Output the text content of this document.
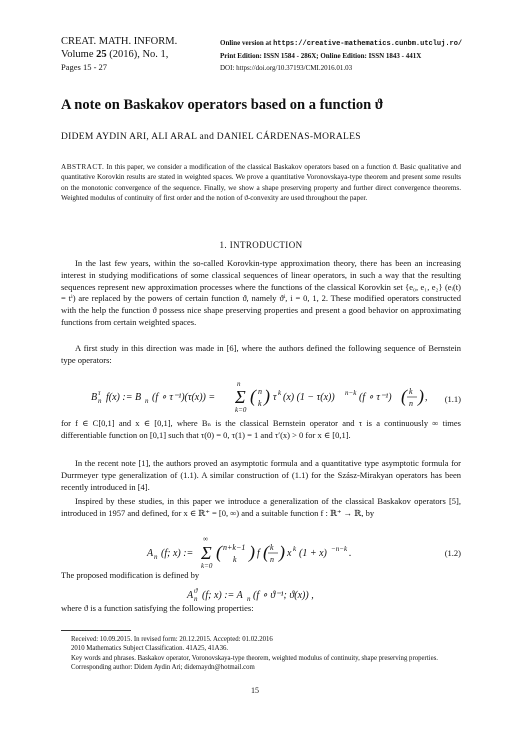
CREAT. MATH. INFORM.
Volume 25 (2016), No. 1,
Pages 15 - 27
Online version at https://creative-mathematics.cunbm.utcluj.ro/
Print Edition: ISSN 1584 - 286X; Online Edition: ISSN 1843 - 441X
DOI: https://doi.org/10.37193/CMI.2016.01.03
A note on Baskakov operators based on a function ϑ
DIDEM AYDIN ARI, ALI ARAL and DANIEL CÁRDENAS-MORALES
ABSTRACT. In this paper, we consider a modification of the classical Baskakov operators based on a function ϑ. Basic qualitative and quantitative Korovkin results are stated in weighted spaces. We prove a quantitative Voronovskaya-type theorem and present some results on the monotonic convergence of the sequence. Finally, we show a shape preserving property and further direct convergence theorems. Weighted modulus of continuity of first order and the notion of ϑ-convexity are used throughout the paper.
1. INTRODUCTION

In the last few years, within the so-called Korovkin-type approximation theory, there has been an increasing interest in studying modifications of some classical sequences of linear operators, in such a way that the resulting sequences represent new approximation processes where the functions of the classical Korovkin set {e₀, e₁, e₂} (eᵢ(t) = tⁱ) are replaced by the powers of certain function ϑ, namely ϑⁱ, i = 0, 1, 2. These modified operators constructed with the help the function ϑ possess nice shape preserving properties and present a good behavior on approximating functions from certain weighted spaces.

A first study in this direction was made in [6], where the authors defined the following sequence of Bernstein type operators:

B τ
n f(x) := B n (f ∘ τ⁻¹)(τ(x)) = Σ
n
k=0
( n
k ) τ k (x) (1 − τ(x)) n−k (f ∘ τ⁻¹) ( k
n ) , (1.1)

for f ∈ C[0,1] and x ∈ [0,1], where Bₙ is the classical Bernstein operator and τ is a continuously ∞ times differentiable function on [0,1] such that τ(0) = 0, τ(1) = 1 and τ′(x) > 0 for x ∈ [0,1].

In the recent note [1], the authors proved an asymptotic formula and a quantitative type asymptotic formula for Durrmeyer type generalization of (1.1). A similar construction of (1.1) for the Szász-Mirakyan operators has been recently introduced in [4].

Inspired by these studies, in this paper we introduce a generalization of the classical Baskakov operators [5], introduced in 1957 and defined, for x ∈ ℝ⁺ = [0, ∞) and a suitable function f : ℝ⁺ → ℝ, by

A n (f; x) := Σ
∞
k=0
( n+k−1
k ) f ( k
n ) x k (1 + x) −n−k .	(1.2)

The proposed modification is defined by

A ϑ
n (f; x) := A n (f ∘ ϑ⁻¹; ϑ(x)) ,

where ϑ is a function satisfying the following properties:

Received: 10.09.2015. In revised form: 20.12.2015. Accepted: 01.02.2016

2010 Mathematics Subject Classification. 41A25, 41A36.

Key words and phrases. Baskakov operator, Voronovskaya-type theorem, weighted modulus of continuity, shape preserving properties.

Corresponding author: Didem Aydin Ari; didemaydn@hotmail.com

15
